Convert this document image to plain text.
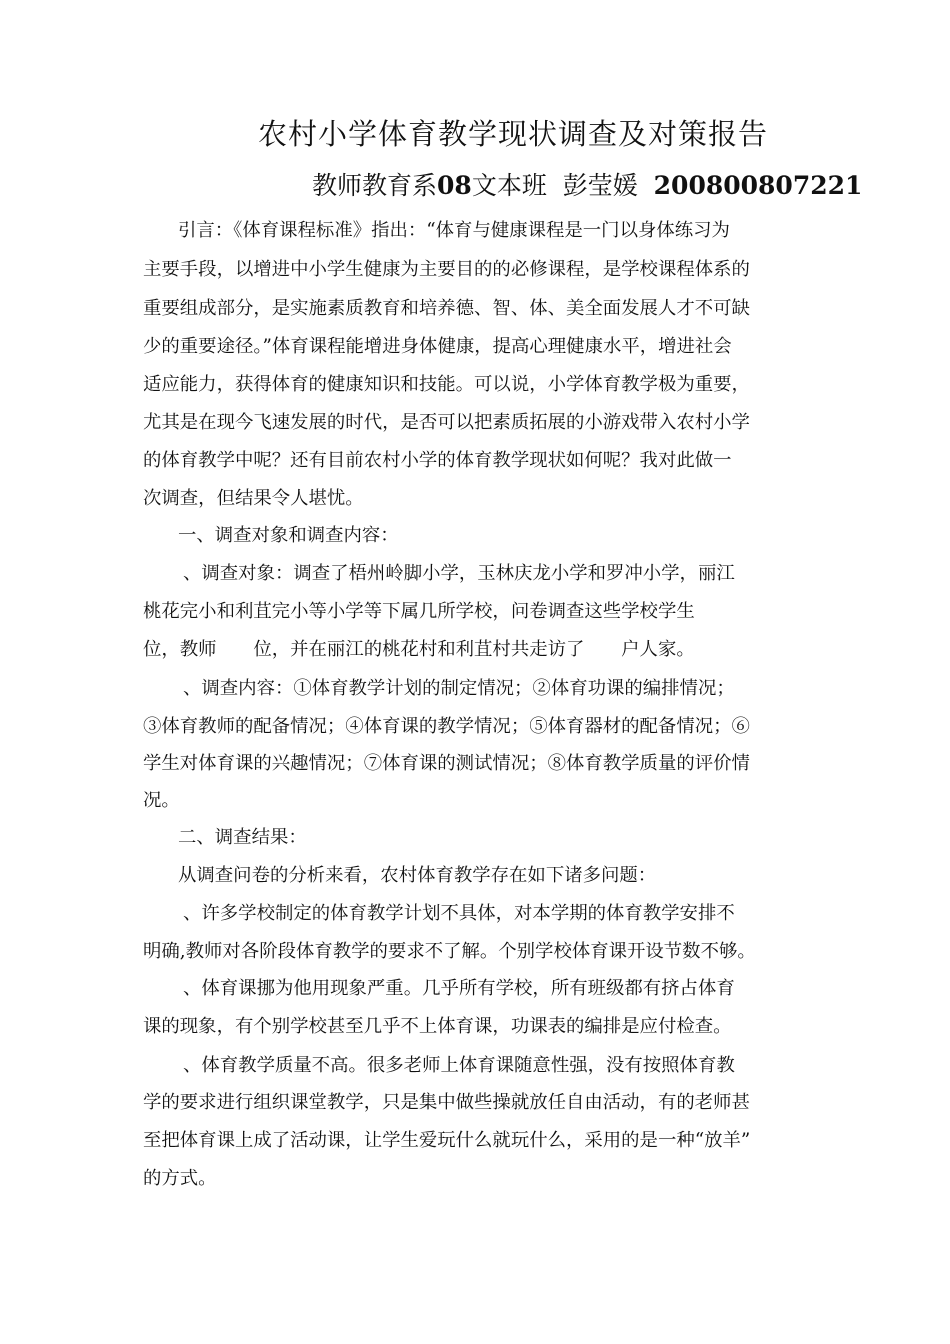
农村小学体育教学现状调查及对策报告

教师教育系08文本班 彭莹媛 200800807221

引言：《体育课程标准》指出：“体育与健康课程是一门以身体练习为

主要手段，以增进中小学生健康为主要目的的必修课程，是学校课程体系的

重要组成部分，是实施素质教育和培养德、智、体、美全面发展人才不可缺

少的重要途径。”体育课程能增进身体健康，提高心理健康水平，增进社会

适应能力，获得体育的健康知识和技能。可以说，小学体育教学极为重要，

尤其是在现今飞速发展的时代，是否可以把素质拓展的小游戏带入农村小学

的体育教学中呢？还有目前农村小学的体育教学现状如何呢？我对此做一

次调查，但结果令人堪忧。

一、调查对象和调查内容：

、调查对象：调查了梧州岭脚小学，玉林庆龙小学和罗冲小学，丽江

桃花完小和利苴完小等小学等下属几所学校，问卷调查这些学校学生

位，教师　　位，并在丽江的桃花村和利苴村共走访了　　户人家。

、调查内容：①体育教学计划的制定情况；②体育功课的编排情况；

③体育教师的配备情况；④体育课的教学情况；⑤体育器材的配备情况；⑥

学生对体育课的兴趣情况；⑦体育课的测试情况；⑧体育教学质量的评价情

况。

二、调查结果：

从调查问卷的分析来看，农村体育教学存在如下诸多问题：

、许多学校制定的体育教学计划不具体，对本学期的体育教学安排不

明确,教师对各阶段体育教学的要求不了解。个别学校体育课开设节数不够。

、体育课挪为他用现象严重。几乎所有学校，所有班级都有挤占体育

课的现象，有个别学校甚至几乎不上体育课，功课表的编排是应付检查。

、体育教学质量不高。很多老师上体育课随意性强，没有按照体育教

学的要求进行组织课堂教学，只是集中做些操就放任自由活动，有的老师甚

至把体育课上成了活动课，让学生爱玩什么就玩什么，采用的是一种“放羊”

的方式。
